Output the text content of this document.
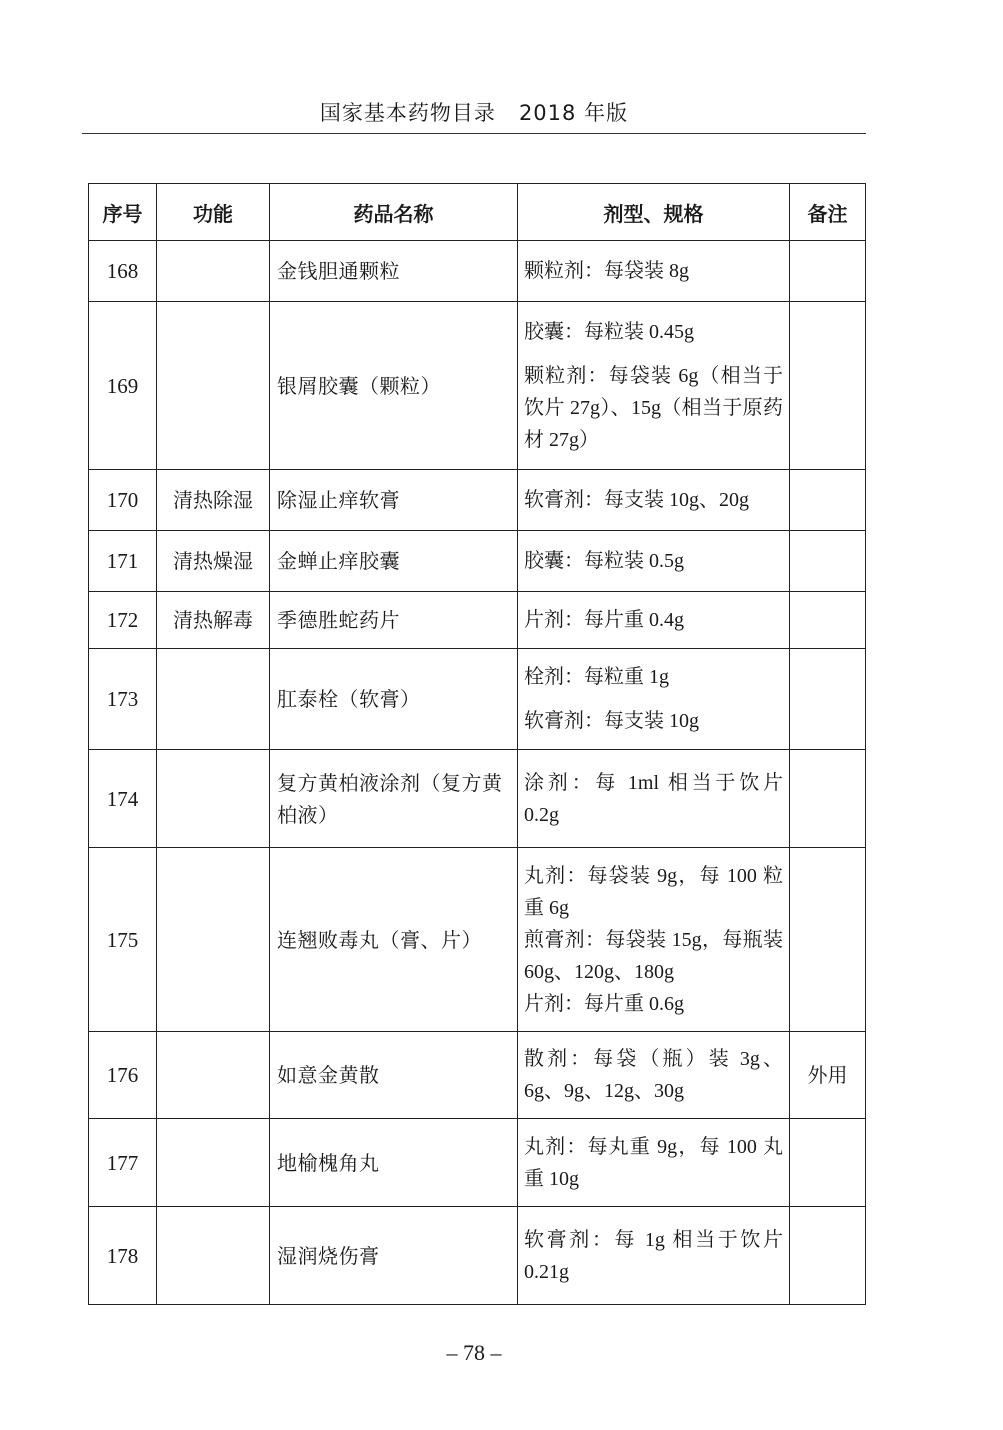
国家基本药物目录   2018 年版
序号	功能	药品名称	剂型、规格	备注
168		金钱胆通颗粒	颗粒剂：每袋装 8g	

169		银屑胶囊（颗粒）	胶囊：每粒装 0.45g
颗粒剂：每袋装 6g（相当于饮片 27g）、15g（相当于原药材 27g）	

170	清热除湿	除湿止痒软膏	软膏剂：每支装 10g、20g	

171	清热燥湿	金蝉止痒胶囊	胶囊：每粒装 0.5g	

172	清热解毒	季德胜蛇药片	片剂：每片重 0.4g	

173		肛泰栓（软膏）	栓剂：每粒重 1g
软膏剂：每支装 10g	

174		复方黄柏液涂剂（复方黄柏液）	涂剂：每 1ml 相当于饮片 0.2g	

175		连翘败毒丸（膏、片）	丸剂：每袋装 9g，每 100 粒重 6g
煎膏剂：每袋装 15g，每瓶装 60g、120g、180g
片剂：每片重 0.6g	

176		如意金黄散	散剂：每袋（瓶）装 3g、6g、9g、12g、30g	外用
177		地榆槐角丸	丸剂：每丸重 9g，每 100 丸重 10g	

178		湿润烧伤膏	软膏剂：每 1g 相当于饮片 0.21g	

– 78 –
